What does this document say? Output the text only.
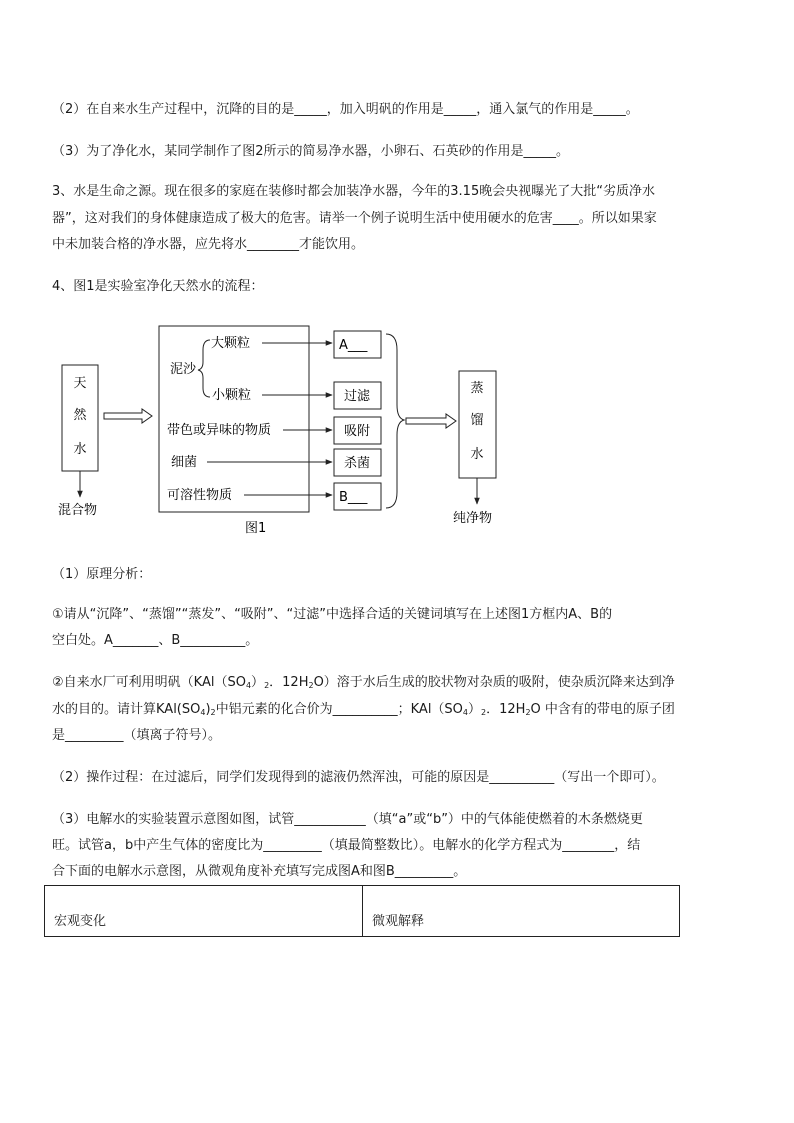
（2）在自来水生产过程中，沉降的目的是_____，加入明矾的作用是_____，通入氯气的作用是_____。
（3）为了净化水，某同学制作了图2所示的简易净水器，小卵石、石英砂的作用是_____。
3、水是生命之源。现在很多的家庭在装修时都会加装净水器，今年的3.15晚会央视曝光了大批“劣质净水
器”，这对我们的身体健康造成了极大的危害。请举一个例子说明生活中使用硬水的危害____。所以如果家
中未加装合格的净水器，应先将水________才能饮用。
4、图1是实验室净化天然水的流程：
天
然
水
混合物
泥沙
大颗粒
小颗粒
带色或异味的物质
细菌
可溶性物质
A___
过滤
吸附
杀菌
B___
蒸
馏
水
纯净物
图1
（1）原理分析：
①请从“沉降”、“蒸馏”“蒸发”、“吸附”、“过滤”中选择合适的关键词填写在上述图1方框内A、B的
空白处。A_______、B__________。
②自来水厂可利用明矾（$KAl(SO_4)_2$．$12H_2O$）溶于水后生成的胶状物对杂质的吸附，使杂质沉降来达到净
水的目的。请计算$KAl(SO_4)_2$中铝元素的化合价为__________；$KAl(SO_4)_2$．$12H_2O$ 中含有的带电的原子团
是_________（填离子符号）。
（2）操作过程：在过滤后，同学们发现得到的滤液仍然浑浊，可能的原因是__________（写出一个即可）。
（3）电解水的实验装置示意图如图，试管___________（填“a”或“b”）中的气体能使燃着的木条燃烧更
旺。试管a，b中产生气体的密度比为_________（填最简整数比）。电解水的化学方程式为________，结
合下面的电解水示意图，从微观角度补充填写完成图A和图B_________。
宏观变化	微观解释
